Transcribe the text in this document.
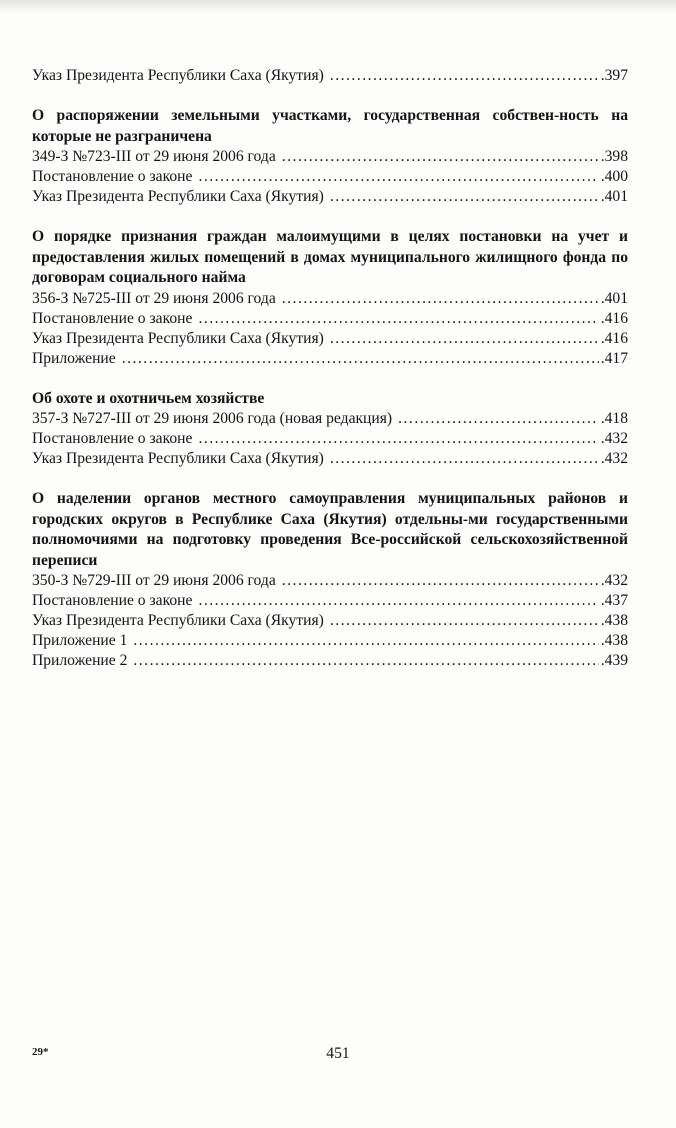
Указ Президента Республики Саха (Якутия) . . .	.397
О распоряжении земельными участками, государственная собствен-ность на которые не разграничена
349-З №723-III от 29 июня 2006 года . . .	.398
Постановление о законе . . .	.400
Указ Президента Республики Саха (Якутия) . . .	.401
О порядке признания граждан малоимущими в целях постановки на учет и предоставления жилых помещений в домах муниципального жилищного фонда по договорам социального найма
356-З №725-III от 29 июня 2006 года . . .	.401
Постановление о законе . . .	.416
Указ Президента Республики Саха (Якутия) . . .	.416
Приложение . . .	.417
Об охоте и охотничьем хозяйстве
357-З №727-III от 29 июня 2006 года (новая редакция) . . .	.418
Постановление о законе . . .	.432
Указ Президента Республики Саха (Якутия) . . .	.432
О наделении органов местного самоуправления муниципальных районов и городских округов в Республике Саха (Якутия) отдельны-ми государственными полномочиями на подготовку проведения Все-российской сельскохозяйственной переписи
350-З №729-III от 29 июня 2006 года . . .	.432
Постановление о законе . . .	.437
Указ Президента Республики Саха (Якутия) . . .	.438
Приложение 1 . . .	.438
Приложение 2 . . .	.439
29*	451
